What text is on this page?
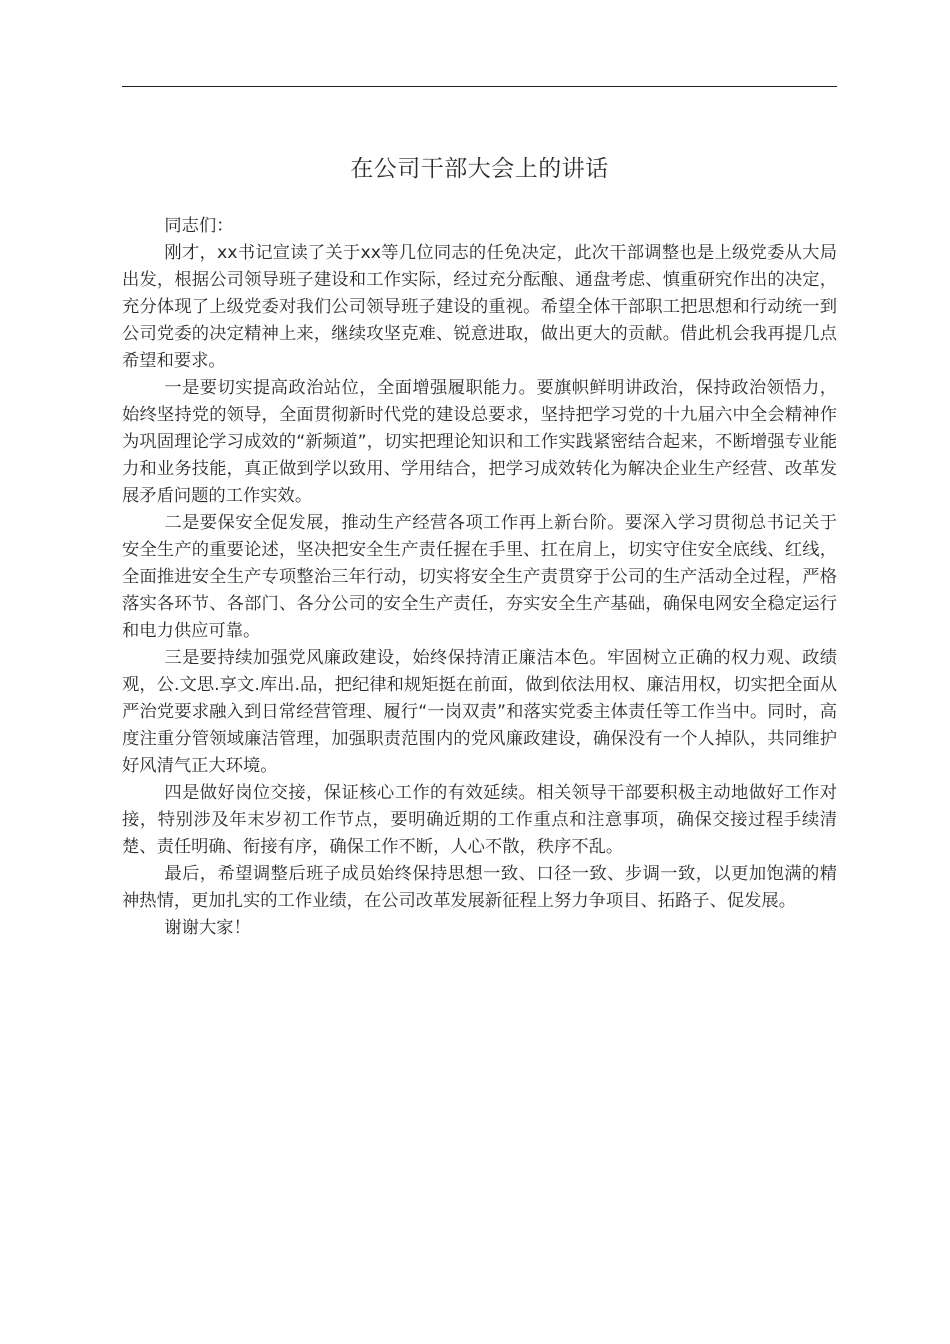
在公司干部大会上的讲话

同志们：

刚才，xx书记宣读了关于xx等几位同志的任免决定，此次干部调整也是上级党委从大局出发，根据公司领导班子建设和工作实际，经过充分酝酿、通盘考虑、慎重研究作出的决定，充分体现了上级党委对我们公司领导班子建设的重视。希望全体干部职工把思想和行动统一到公司党委的决定精神上来，继续攻坚克难、锐意进取，做出更大的贡献。借此机会我再提几点希望和要求。

一是要切实提高政治站位，全面增强履职能力。要旗帜鲜明讲政治，保持政治领悟力，始终坚持党的领导，全面贯彻新时代党的建设总要求，坚持把学习党的十九届六中全会精神作为巩固理论学习成效的“新频道”，切实把理论知识和工作实践紧密结合起来，不断增强专业能力和业务技能，真正做到学以致用、学用结合，把学习成效转化为解决企业生产经营、改革发展矛盾问题的工作实效。

二是要保安全促发展，推动生产经营各项工作再上新台阶。要深入学习贯彻总书记关于安全生产的重要论述，坚决把安全生产责任握在手里、扛在肩上，切实守住安全底线、红线，全面推进安全生产专项整治三年行动，切实将安全生产责贯穿于公司的生产活动全过程，严格落实各环节、各部门、各分公司的安全生产责任，夯实安全生产基础，确保电网安全稳定运行和电力供应可靠。

三是要持续加强党风廉政建设，始终保持清正廉洁本色。牢固树立正确的权力观、政绩观，公.文思.享文.库出.品，把纪律和规矩挺在前面，做到依法用权、廉洁用权，切实把全面从严治党要求融入到日常经营管理、履行“一岗双责”和落实党委主体责任等工作当中。同时，高度注重分管领域廉洁管理，加强职责范围内的党风廉政建设，确保没有一个人掉队，共同维护好风清气正大环境。

四是做好岗位交接，保证核心工作的有效延续。相关领导干部要积极主动地做好工作对接，特别涉及年末岁初工作节点，要明确近期的工作重点和注意事项，确保交接过程手续清楚、责任明确、衔接有序，确保工作不断，人心不散，秩序不乱。

最后，希望调整后班子成员始终保持思想一致、口径一致、步调一致，以更加饱满的精神热情，更加扎实的工作业绩，在公司改革发展新征程上努力争项目、拓路子、促发展。

谢谢大家！
